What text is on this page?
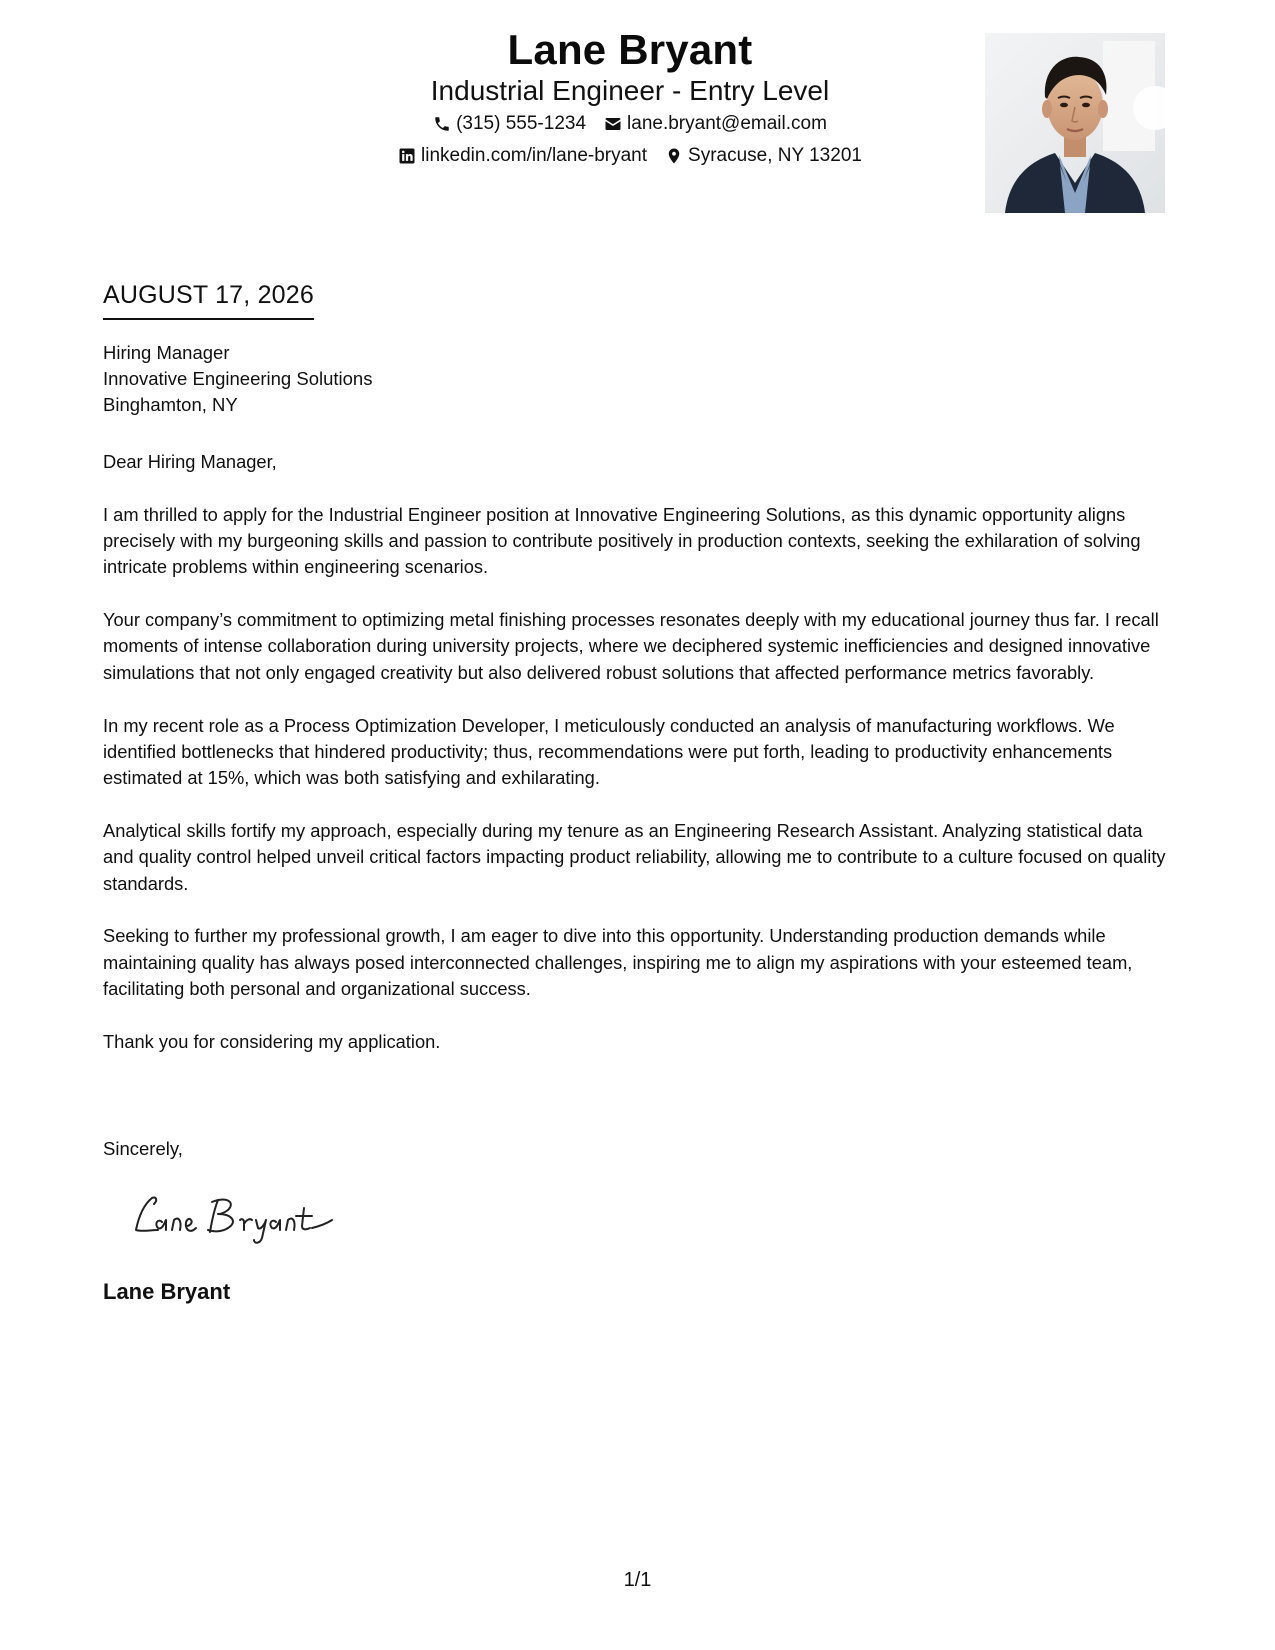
Lane Bryant
Industrial Engineer - Entry Level
(315) 555-1234 lane.bryant@email.com
linkedin.com/in/lane-bryant Syracuse, NY 13201
AUGUST 17, 2026
Hiring Manager
Innovative Engineering Solutions
Binghamton, NY

Dear Hiring Manager,

I am thrilled to apply for the Industrial Engineer position at Innovative Engineering Solutions, as this dynamic opportunity aligns precisely with my burgeoning skills and passion to contribute positively in production contexts, seeking the exhilaration of solving intricate problems within engineering scenarios.

Your company’s commitment to optimizing metal finishing processes resonates deeply with my educational journey thus far. I recall moments of intense collaboration during university projects, where we deciphered systemic inefficiencies and designed innovative simulations that not only engaged creativity but also delivered robust solutions that affected performance metrics favorably.

In my recent role as a Process Optimization Developer, I meticulously conducted an analysis of manufacturing workflows. We identified bottlenecks that hindered productivity; thus, recommendations were put forth, leading to productivity enhancements estimated at 15%, which was both satisfying and exhilarating.

Analytical skills fortify my approach, especially during my tenure as an Engineering Research Assistant. Analyzing statistical data and quality control helped unveil critical factors impacting product reliability, allowing me to contribute to a culture focused on quality standards.

Seeking to further my professional growth, I am eager to dive into this opportunity. Understanding production demands while maintaining quality has always posed interconnected challenges, inspiring me to align my aspirations with your esteemed team, facilitating both personal and organizational success.

Thank you for considering my application.

Sincerely,
Lane Bryant
1/1
